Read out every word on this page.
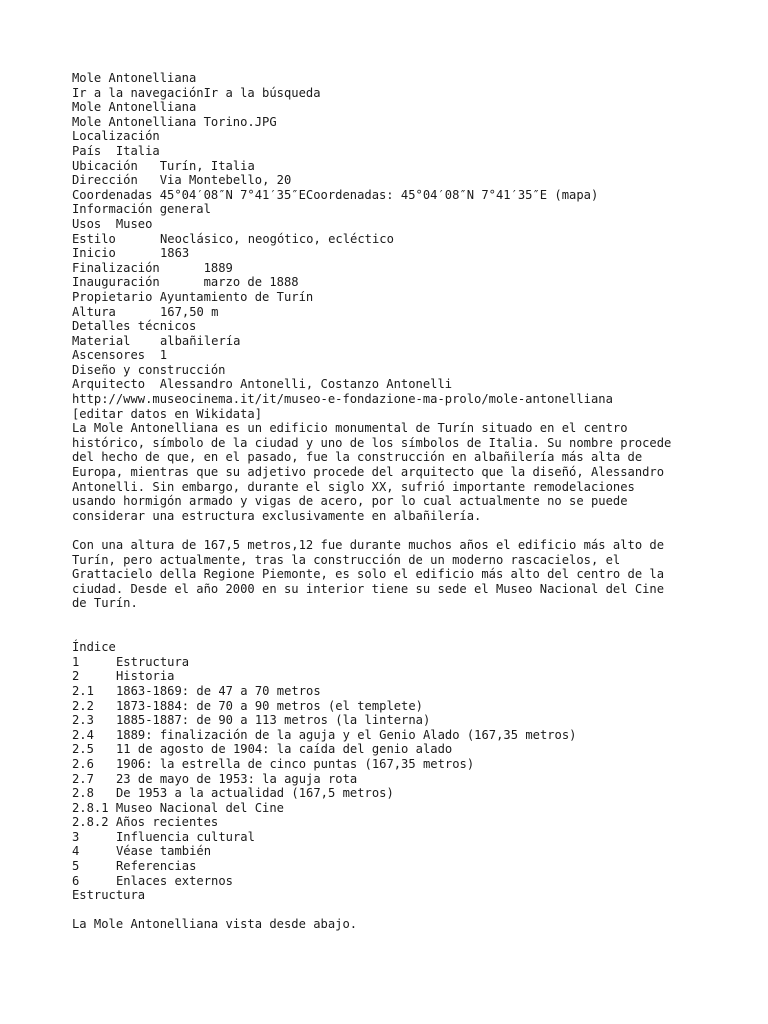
Mole Antonelliana
Ir a la navegaciónIr a la búsqueda
Mole Antonelliana
Mole Antonelliana Torino.JPG
Localización
País Italia
Ubicación Turín, Italia
Dirección Via Montebello, 20
Coordenadas 45°04′08″N 7°41′35″ECoordenadas: 45°04′08″N 7°41′35″E (mapa)
Información general
Usos Museo
Estilo	Neoclásico, neogótico, ecléctico
Inicio	1863
Finalización	1889
Inauguración	marzo de 1888
Propietario Ayuntamiento de Turín
Altura	167,50 m
Detalles técnicos
Material albañilería
Ascensores 1
Diseño y construcción
Arquitecto Alessandro Antonelli, Costanzo Antonelli
http://www.museocinema.it/it/museo-e-fondazione-ma-prolo/mole-antonelliana
[editar datos en Wikidata]
La Mole Antonelliana es un edificio monumental de Turín situado en el centro
histórico, símbolo de la ciudad y uno de los símbolos de Italia. Su nombre procede
del hecho de que, en el pasado, fue la construcción en albañilería más alta de
Europa, mientras que su adjetivo procede del arquitecto que la diseñó, Alessandro
Antonelli. Sin embargo, durante el siglo XX, sufrió importante remodelaciones
usando hormigón armado y vigas de acero, por lo cual actualmente no se puede
considerar una estructura exclusivamente en albañilería.
Con una altura de 167,5 metros,12 fue durante muchos años el edificio más alto de
Turín, pero actualmente, tras la construcción de un moderno rascacielos, el
Grattacielo della Regione Piemonte, es solo el edificio más alto del centro de la
ciudad. Desde el año 2000 en su interior tiene su sede el Museo Nacional del Cine
de Turín.
Índice
1	Estructura
2	Historia
2.1 1863-1869: de 47 a 70 metros
2.2 1873-1884: de 70 a 90 metros (el templete)
2.3 1885-1887: de 90 a 113 metros (la linterna)
2.4 1889: finalización de la aguja y el Genio Alado (167,35 metros)
2.5 11 de agosto de 1904: la caída del genio alado
2.6 1906: la estrella de cinco puntas (167,35 metros)
2.7 23 de mayo de 1953: la aguja rota
2.8 De 1953 a la actualidad (167,5 metros)
2.8.1 Museo Nacional del Cine
2.8.2 Años recientes
3	Influencia cultural
4	Véase también
5	Referencias
6	Enlaces externos
Estructura
La Mole Antonelliana vista desde abajo.
